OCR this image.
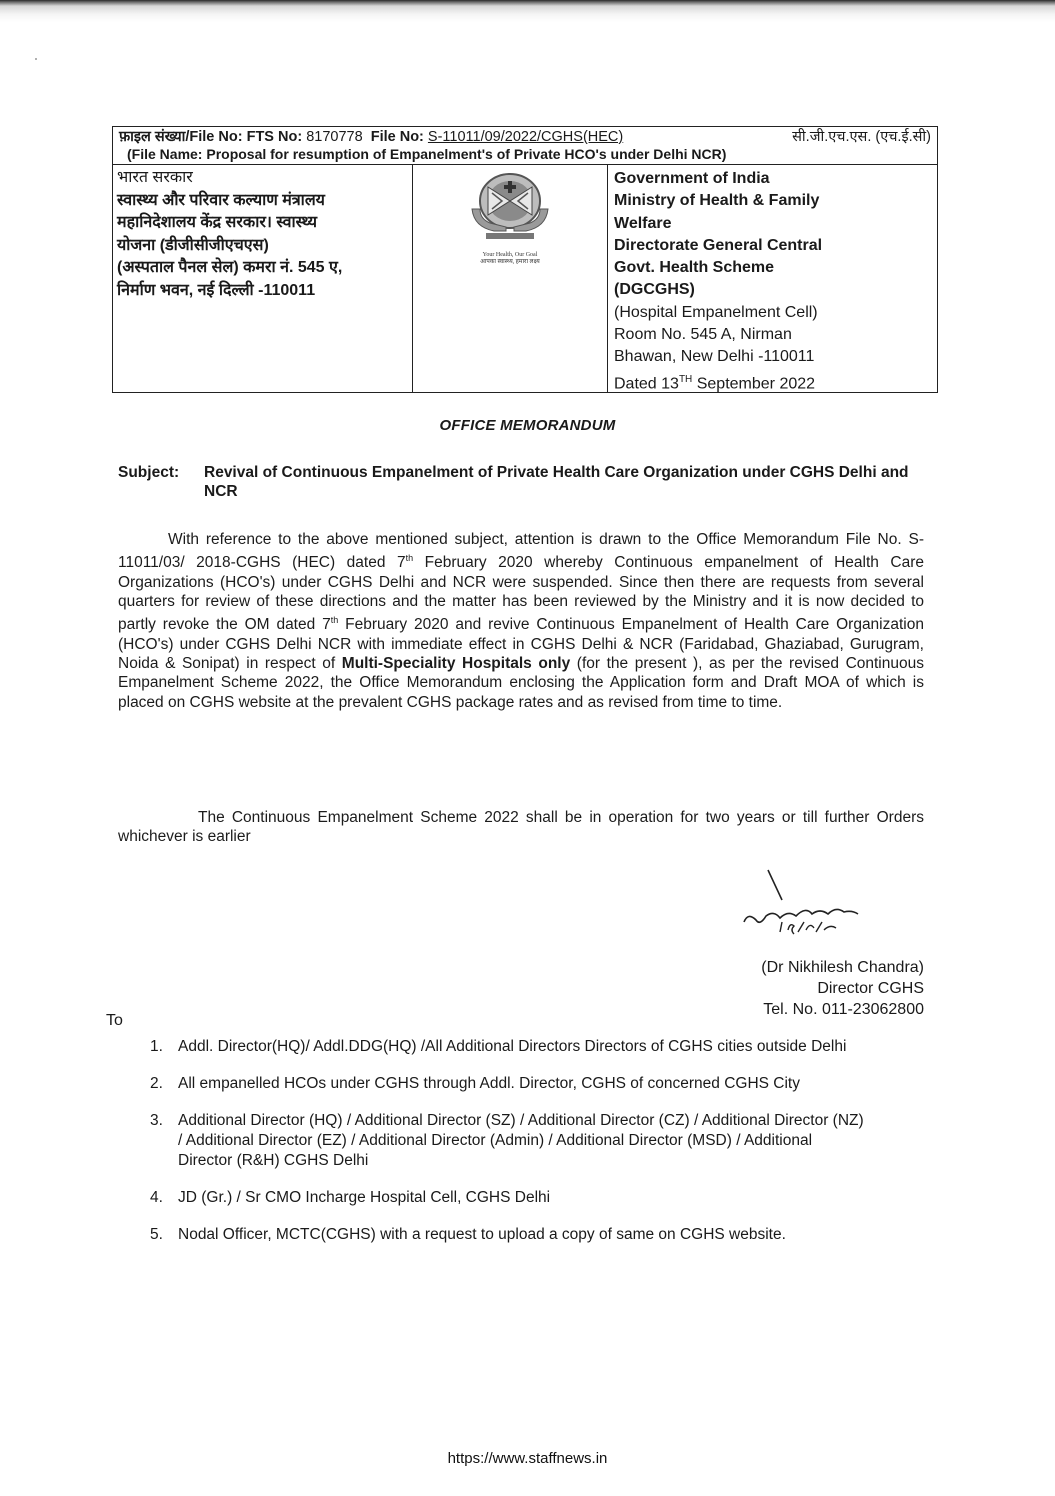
फ़ाइल संख्या/File No: FTS No: 8170778 File No: S-11011/09/2022/CGHS(HEC)	सी.जी.एच.एस. (एच.ई.सी)
(File Name: Proposal for resumption of Empanelment's of Private HCO's under Delhi NCR)
भारत सरकार
स्वास्थ्य और परिवार कल्याण मंत्रालय
महानिदेशालय केंद्र सरकार। स्वास्थ्य
योजना (डीजीसीजीएचएस)
(अस्पताल पैनल सेल) कमरा नं. 545 ए,
निर्माण भवन, नई दिल्ली -110011
Your Health, Our Goal
आपका स्वास्थ्य, हमारा लक्ष्य
Government of India
Ministry of Health & Family
Welfare
Directorate General Central
Govt. Health Scheme
(DGCGHS)
(Hospital Empanelment Cell)
Room No. 545 A, Nirman
Bhawan, New Delhi -110011
Dated 13TH September 2022
OFFICE MEMORANDUM
Subject:	Revival of Continuous Empanelment of Private Health Care Organization under CGHS Delhi and NCR
With reference to the above mentioned subject, attention is drawn to the Office Memorandum File No. S-11011/03/ 2018-CGHS (HEC) dated 7th February 2020 whereby Continuous empanelment of Health Care Organizations (HCO's) under CGHS Delhi and NCR were suspended. Since then there are requests from several quarters for review of these directions and the matter has been reviewed by the Ministry and it is now decided to partly revoke the OM dated 7th February 2020 and revive Continuous Empanelment of Health Care Organization (HCO's) under CGHS Delhi NCR with immediate effect in CGHS Delhi & NCR (Faridabad, Ghaziabad, Gurugram, Noida & Sonipat) in respect of Multi-Speciality Hospitals only (for the present ), as per the revised Continuous Empanelment Scheme 2022, the Office Memorandum enclosing the Application form and Draft MOA of which is placed on CGHS website at the prevalent CGHS package rates and as revised from time to time.
The Continuous Empanelment Scheme 2022 shall be in operation for two years or till further Orders whichever is earlier
(Dr Nikhilesh Chandra)
Director CGHS
Tel. No. 011-23062800
To
1. Addl. Director(HQ)/ Addl.DDG(HQ) /All Additional Directors Directors of CGHS cities outside Delhi
2. All empanelled HCOs under CGHS through Addl. Director, CGHS of concerned CGHS City
3. Additional Director (HQ) / Additional Director (SZ) / Additional Director (CZ) / Additional Director (NZ) / Additional Director (EZ) / Additional Director (Admin) / Additional Director (MSD) / Additional Director (R&H) CGHS Delhi
4. JD (Gr.) / Sr CMO Incharge Hospital Cell, CGHS Delhi
5. Nodal Officer, MCTC(CGHS) with a request to upload a copy of same on CGHS website.
https://www.staffnews.in
